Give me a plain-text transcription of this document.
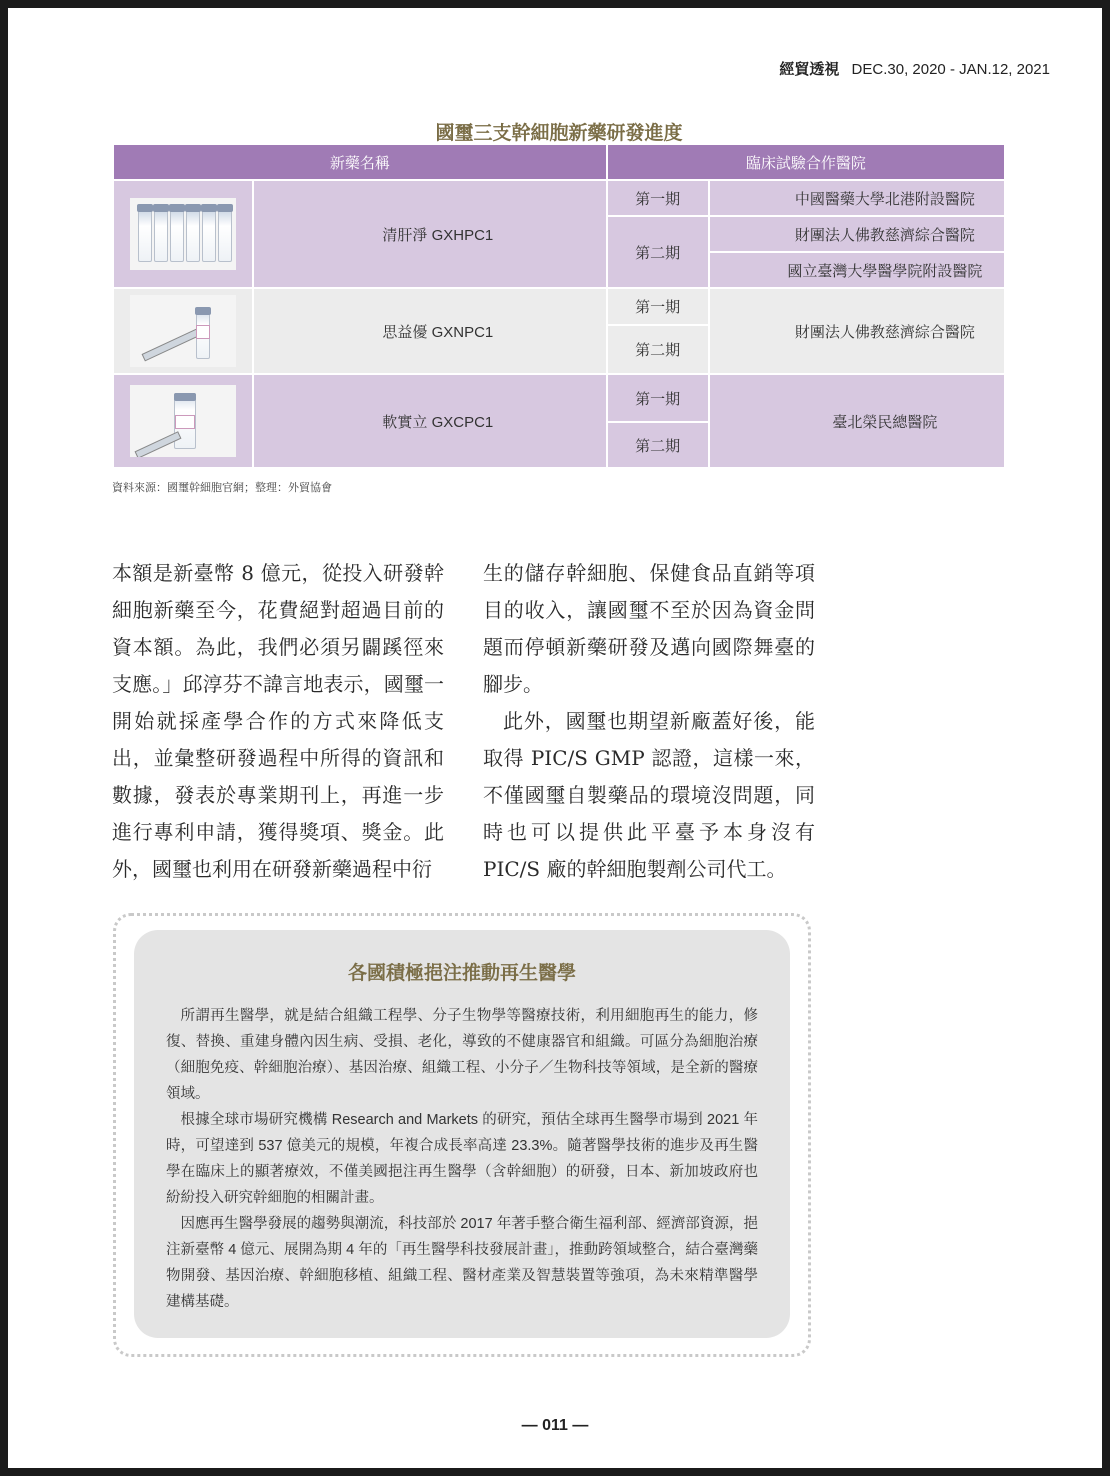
經貿透視 DEC.30, 2020 - JAN.12, 2021
國璽三支幹細胞新藥研發進度
新藥名稱		臨床試驗合作醫院	

	清肝淨 GXHPC1	第一期	中國醫藥大學北港附設醫院
		第二期	財團法人佛教慈濟綜合醫院
			國立臺灣大學醫學院附設醫院

	思益優 GXNPC1	第一期	財團法人佛教慈濟綜合醫院
		第二期	

	軟實立 GXCPC1	第一期	臺北榮民總醫院
		第二期	
資料來源：國璽幹細胞官網；整理：外貿協會

本額是新臺幣 8 億元，從投入研發幹細胞新藥至今，花費絕對超過目前的資本額。為此，我們必須另闢蹊徑來支應。」邱淳芬不諱言地表示，國璽一開始就採產學合作的方式來降低支出，並彙整研發過程中所得的資訊和數據，發表於專業期刊上，再進一步進行專利申請，獲得獎項、獎金。此外，國璽也利用在研發新藥過程中衍

生的儲存幹細胞、保健食品直銷等項目的收入，讓國璽不至於因為資金問題而停頓新藥研發及邁向國際舞臺的腳步。

此外，國璽也期望新廠蓋好後，能取得 PIC/S GMP 認證，這樣一來，不僅國璽自製藥品的環境沒問題，同時也可以提供此平臺予本身沒有 PIC/S 廠的幹細胞製劑公司代工。

各國積極挹注推動再生醫學

所謂再生醫學，就是結合組織工程學、分子生物學等醫療技術，利用細胞再生的能力，修復、替換、重建身體內因生病、受損、老化，導致的不健康器官和組織。可區分為細胞治療（細胞免疫、幹細胞治療）、基因治療、組織工程、小分子／生物科技等領域，是全新的醫療領域。

根據全球市場研究機構 Research and Markets 的研究，預估全球再生醫學市場到 2021 年時，可望達到 537 億美元的規模，年複合成長率高達 23.3%。隨著醫學技術的進步及再生醫學在臨床上的顯著療效，不僅美國挹注再生醫學（含幹細胞）的研發，日本、新加坡政府也紛紛投入研究幹細胞的相關計畫。

因應再生醫學發展的趨勢與潮流，科技部於 2017 年著手整合衛生福利部、經濟部資源，挹注新臺幣 4 億元、展開為期 4 年的「再生醫學科技發展計畫」，推動跨領域整合，結合臺灣藥物開發、基因治療、幹細胞移植、組織工程、醫材產業及智慧裝置等強項，為未來精準醫學建構基礎。

— 011 —
